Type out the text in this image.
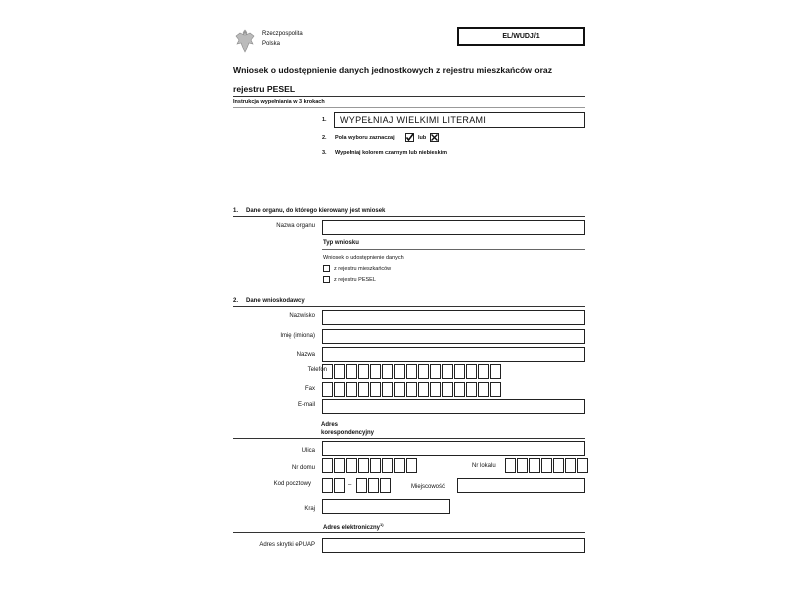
Rzeczpospolita
Polska
EL/WUDJ/1
Wniosek o udostępnienie danych jednostkowych z rejestru mieszkańców oraz
rejestru PESEL
Instrukcja wypełniania w 3 krokach
1.	WYPEŁNIAJ WIELKIMI LITERAMI
2. Pola wyboru zaznaczaj	lub
3. Wypełniaj kolorem czarnym lub niebieskim
1. Dane organu, do którego kierowany jest wniosek
Nazwa organu
Typ wniosku
Wniosek o udostępnienie danych
z rejestru mieszkańców
z rejestru PESEL
2. Dane wnioskodawcy
Nazwisko
Imię (imiona)
Nazwa
Telefon
Fax
E-mail
Adres
korespondencyjny
Ulica
Nr domu	Nr lokalu
Kod pocztowy	–	Miejscowość
Kraj
Adres elektroniczny$^{1)}$
Adres skrytki ePUAP
